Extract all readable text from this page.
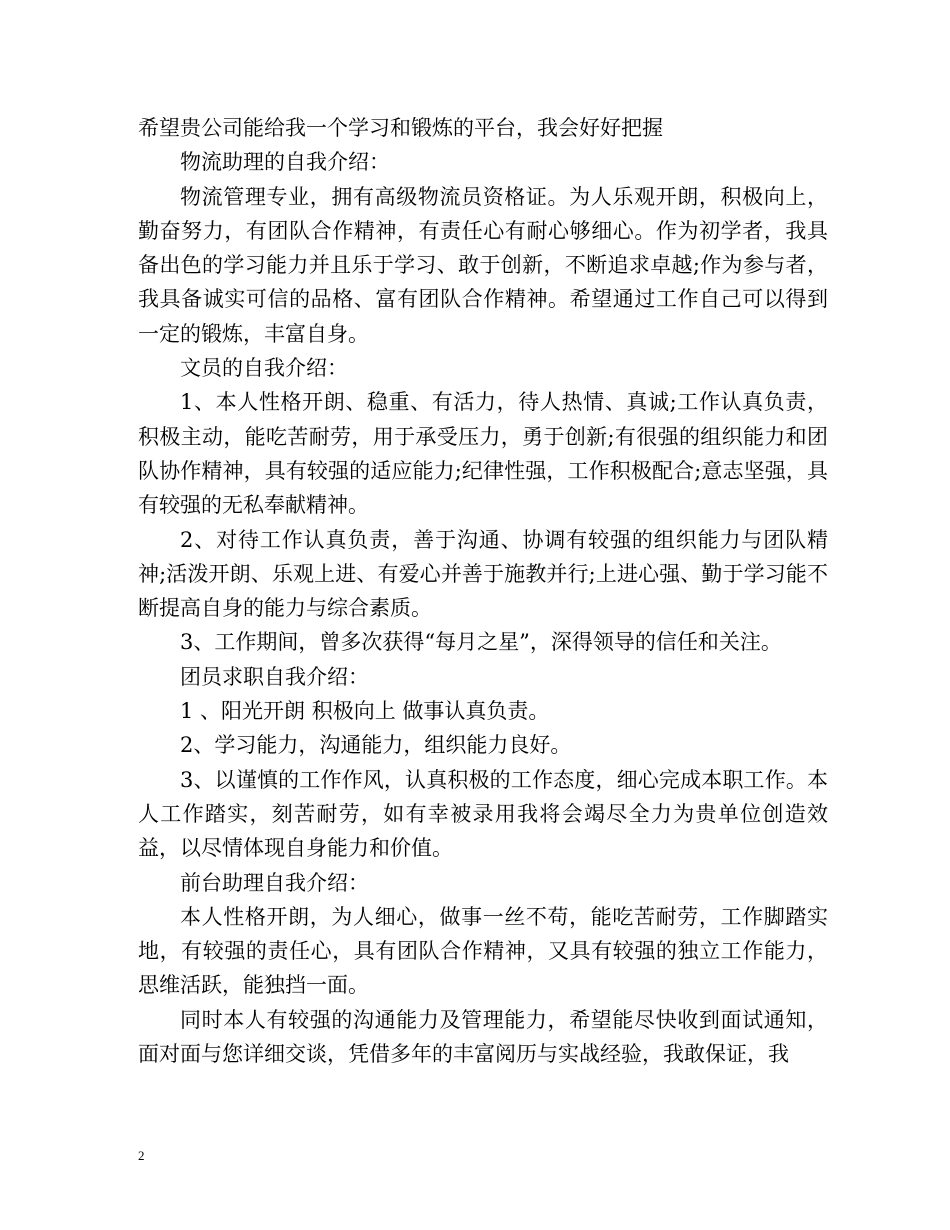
希望贵公司能给我一个学习和锻炼的平台，我会好好把握

物流助理的自我介绍：

物流管理专业，拥有高级物流员资格证。为人乐观开朗，积极向上，勤奋努力，有团队合作精神，有责任心有耐心够细心。作为初学者，我具备出色的学习能力并且乐于学习、敢于创新，不断追求卓越;作为参与者，我具备诚实可信的品格、富有团队合作精神。希望通过工作自己可以得到一定的锻炼，丰富自身。

文员的自我介绍：

1、本人性格开朗、稳重、有活力，待人热情、真诚;工作认真负责，积极主动，能吃苦耐劳，用于承受压力，勇于创新;有很强的组织能力和团队协作精神，具有较强的适应能力;纪律性强，工作积极配合;意志坚强，具有较强的无私奉献精神。

2、对待工作认真负责，善于沟通、协调有较强的组织能力与团队精神;活泼开朗、乐观上进、有爱心并善于施教并行;上进心强、勤于学习能不断提高自身的能力与综合素质。

3、工作期间，曾多次获得“每月之星”，深得领导的信任和关注。

团员求职自我介绍：

1 、阳光开朗 积极向上 做事认真负责。

2、学习能力，沟通能力，组织能力良好。

3、以谨慎的工作作风，认真积极的工作态度，细心完成本职工作。本人工作踏实，刻苦耐劳，如有幸被录用我将会竭尽全力为贵单位创造效益，以尽情体现自身能力和价值。

前台助理自我介绍：

本人性格开朗，为人细心，做事一丝不苟，能吃苦耐劳，工作脚踏实地，有较强的责任心，具有团队合作精神，又具有较强的独立工作能力，思维活跃，能独挡一面。

同时本人有较强的沟通能力及管理能力，希望能尽快收到面试通知，面对面与您详细交谈，凭借多年的丰富阅历与实战经验，我敢保证，我

2
